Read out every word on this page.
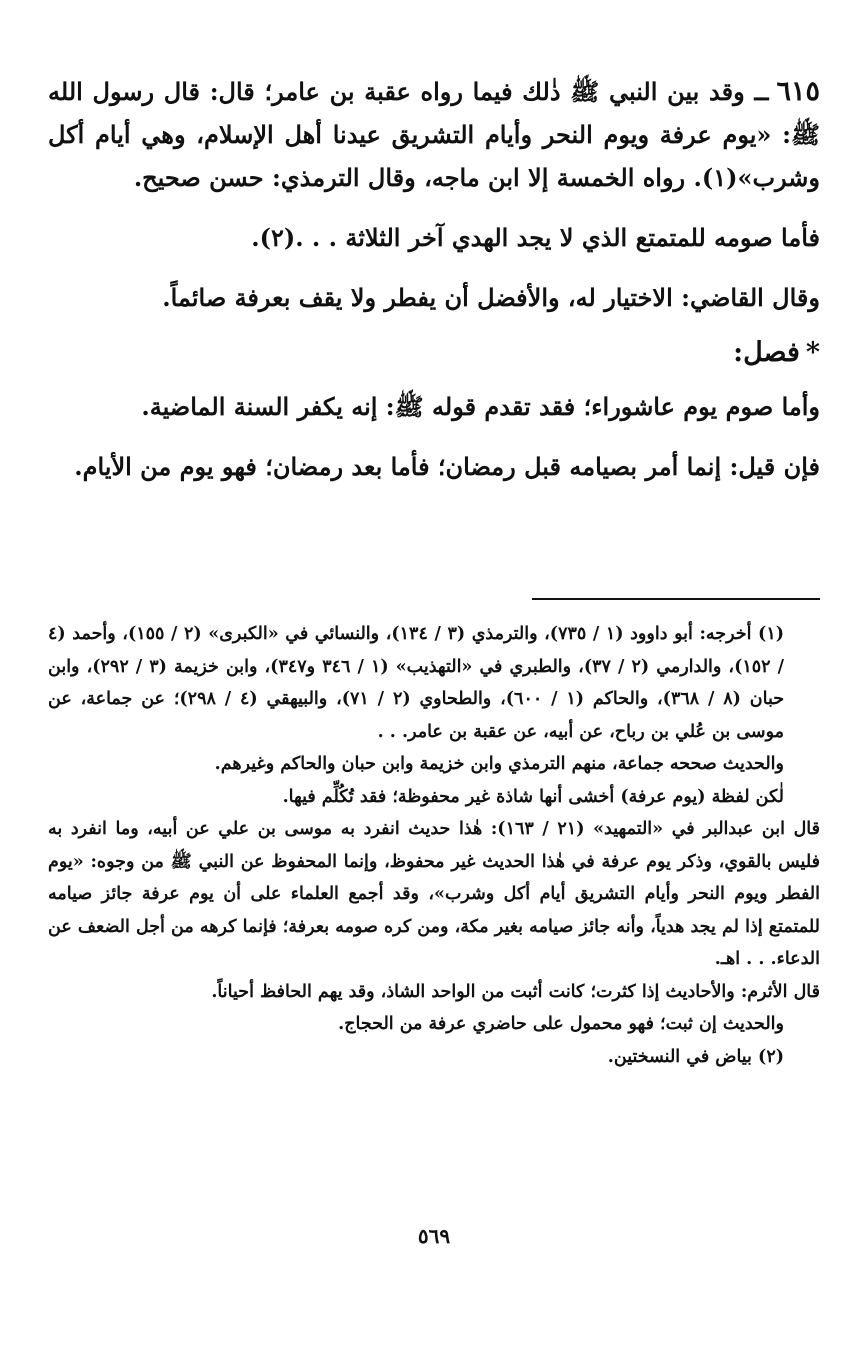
٦١٥ــ وقد بين النبي ﷺ ذٰلك فيما رواه عقبة بن عامر؛ قال: قال رسول الله ﷺ: «يوم عرفة ويوم النحر وأيام التشريق عيدنا أهل الإسلام، وهي أيام أكل وشرب»(١). رواه الخمسة إلا ابن ماجه، وقال الترمذي: حسن صحيح.

فأما صومه للمتمتع الذي لا يجد الهدي آخر الثلاثة . . .(٢).

وقال القاضي: الاختيار له، والأفضل أن يفطر ولا يقف بعرفة صائماً.

*فصل:

وأما صوم يوم عاشوراء؛ فقد تقدم قوله ﷺ: إنه يكفر السنة الماضية.

فإن قيل: إنما أمر بصيامه قبل رمضان؛ فأما بعد رمضان؛ فهو يوم من الأيام.

(١) أخرجه: أبو داوود (١ / ٧٣٥)، والترمذي (٣ / ١٣٤)، والنسائي في «الكبرى» (٢ / ١٥٥)، وأحمد (٤ / ١٥٢)، والدارمي (٢ / ٣٧)، والطبري في «التهذيب» (١ / ٣٤٦ و٣٤٧)، وابن خزيمة (٣ / ٢٩٢)، وابن حبان (٨ / ٣٦٨)، والحاكم (١ / ٦٠٠)، والطحاوي (٢ / ٧١)، والبيهقي (٤ / ٢٩٨)؛ عن جماعة، عن موسى بن عُلي بن رباح، عن أبيه، عن عقبة بن عامر. . .

والحديث صححه جماعة، منهم الترمذي وابن خزيمة وابن حبان والحاكم وغيرهم.

لٰكن لفظة (يوم عرفة) أخشى أنها شاذة غير محفوظة؛ فقد تُكُلِّم فيها.

قال ابن عبدالبر في «التمهيد» (٢١ / ١٦٣): هٰذا حديث انفرد به موسى بن علي عن أبيه، وما انفرد به فليس بالقوي، وذكر يوم عرفة في هٰذا الحديث غير محفوظ، وإنما المحفوظ عن النبي ﷺ من وجوه: «يوم الفطر ويوم النحر وأيام التشريق أيام أكل وشرب»، وقد أجمع العلماء على أن يوم عرفة جائز صيامه للمتمتع إذا لم يجد هدياً، وأنه جائز صيامه بغير مكة، ومن كره صومه بعرفة؛ فإنما كرهه من أجل الضعف عن الدعاء. . . اهـ.

قال الأثرم: والأحاديث إذا كثرت؛ كانت أثبت من الواحد الشاذ، وقد يهم الحافظ أحياناً.

والحديث إن ثبت؛ فهو محمول على حاضري عرفة من الحجاج.

(٢) بياض في النسختين.

٥٦٩
